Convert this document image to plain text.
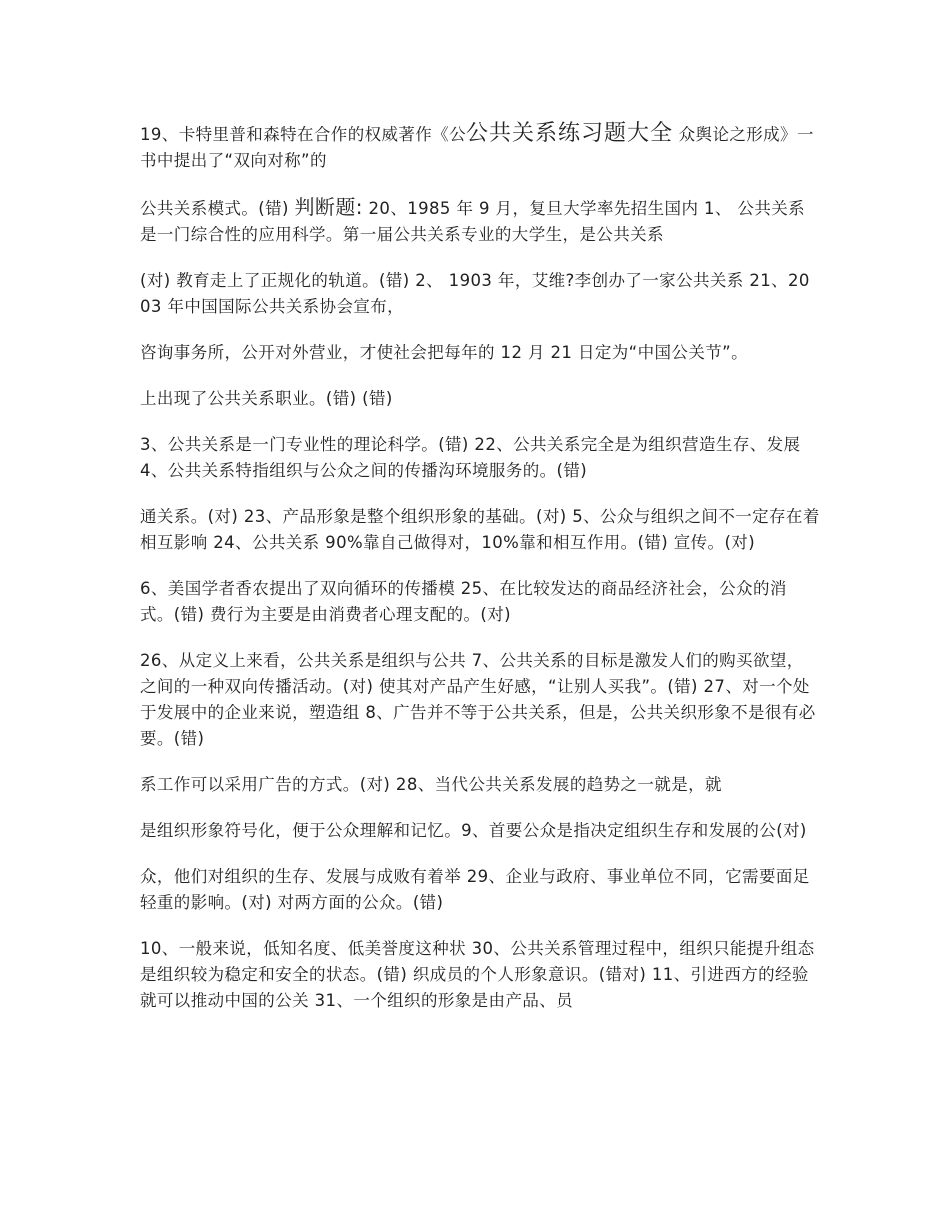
19、卡特里普和森特在合作的权威著作《公公共关系练习题大全 众舆论之形成》一书中提出了“双向对称”的

公共关系模式。(错) 判断题: 20、1985 年 9 月，复旦大学率先招生国内 1、 公共关系是一门综合性的应用科学。第一届公共关系专业的大学生，是公共关系

(对) 教育走上了正规化的轨道。(错) 2、 1903 年，艾维?李创办了一家公共关系 21、2003 年中国国际公共关系协会宣布，

咨询事务所，公开对外营业，才使社会把每年的 12 月 21 日定为“中国公关节”。

上出现了公共关系职业。(错) (错)

3、公共关系是一门专业性的理论科学。(错) 22、公共关系完全是为组织营造生存、发展 4、公共关系特指组织与公众之间的传播沟环境服务的。(错)

通关系。(对) 23、产品形象是整个组织形象的基础。(对) 5、公众与组织之间不一定存在着相互影响 24、公共关系 90%靠自己做得对，10%靠和相互作用。(错) 宣传。(对)

6、美国学者香农提出了双向循环的传播模 25、在比较发达的商品经济社会，公众的消式。(错) 费行为主要是由消费者心理支配的。(对)

26、从定义上来看，公共关系是组织与公共 7、公共关系的目标是激发人们的购买欲望，之间的一种双向传播活动。(对) 使其对产品产生好感，“让别人买我”。(错) 27、对一个处于发展中的企业来说，塑造组 8、广告并不等于公共关系，但是，公共关织形象不是很有必要。(错)

系工作可以采用广告的方式。(对) 28、当代公共关系发展的趋势之一就是，就

是组织形象符号化，便于公众理解和记忆。9、首要公众是指决定组织生存和发展的公(对)

众，他们对组织的生存、发展与成败有着举 29、企业与政府、事业单位不同，它需要面足轻重的影响。(对) 对两方面的公众。(错)

10、一般来说，低知名度、低美誉度这种状 30、公共关系管理过程中，组织只能提升组态是组织较为稳定和安全的状态。(错) 织成员的个人形象意识。(错对) 11、引进西方的经验就可以推动中国的公关 31、一个组织的形象是由产品、员
